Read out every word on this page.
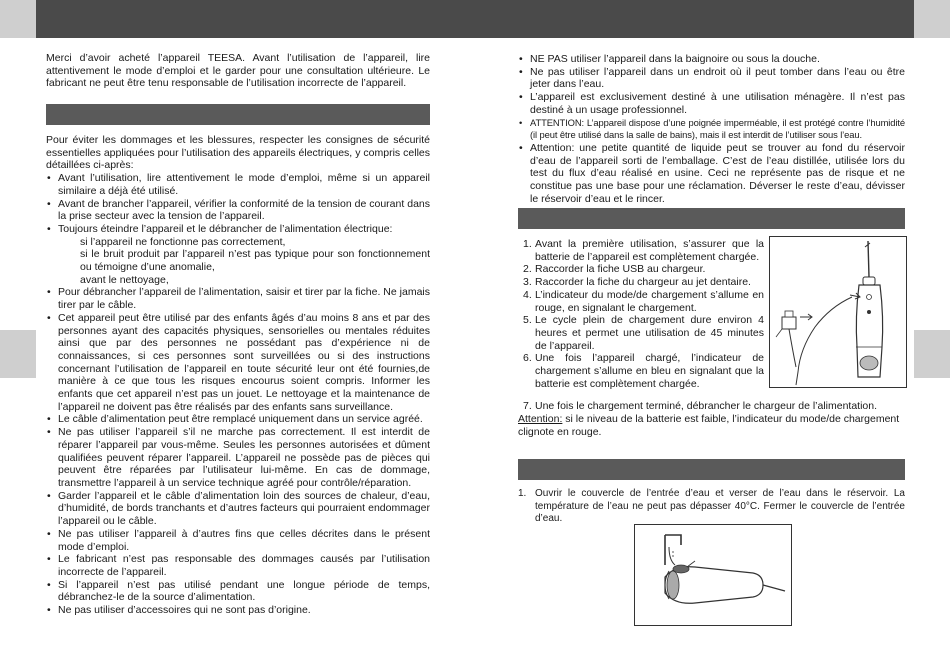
Merci d’avoir acheté l’appareil TEESA. Avant l’utilisation de l’appareil, lire attentivement le mode d’emploi et le garder pour une consultation ultérieure. Le fabricant ne peut être tenu responsable de l’utilisation incorrecte de l’appareil.

Pour éviter les dommages et les blessures, respecter les consignes de sécurité essentielles appliquées pour l’utilisation des appareils électriques, y compris celles détaillées ci-après:

• Avant l’utilisation, lire attentivement le mode d’emploi, même si un appareil similaire a déjà été utilisé.
• Avant de brancher l’appareil, vérifier la conformité de la tension de courant dans la prise secteur avec la tension de l’appareil.
• Toujours éteindre l’appareil et le débrancher de l’alimentation électrique:
si l’appareil ne fonctionne pas correctement,
si le bruit produit par l’appareil n’est pas typique pour son fonctionnement ou témoigne d’une anomalie,
avant le nettoyage,
• Pour débrancher l’appareil de l’alimentation, saisir et tirer par la fiche. Ne jamais tirer par le câble.
• Cet appareil peut être utilisé par des enfants âgés d’au moins 8 ans et par des personnes ayant des capacités physiques, sensorielles ou mentales réduites ainsi que par des personnes ne possédant pas d’expérience ni de connaissances, si ces personnes sont surveillées ou si des instructions concernant l’utilisation de l’appareil en toute sécurité leur ont été fournies,de manière à ce que tous les risques encourus soient compris. Informer les enfants que cet appareil n’est pas un jouet. Le nettoyage et la maintenance de l’appareil ne doivent pas être réalisés par des enfants sans surveillance.
• Le câble d’alimentation peut être remplacé uniquement dans un service agréé.
• Ne pas utiliser l’appareil s’il ne marche pas correctement. Il est interdit de réparer l’appareil par vous-même. Seules les personnes autorisées et dûment qualifiées peuvent réparer l’appareil. L’appareil ne possède pas de pièces qui peuvent être réparées par l’utilisateur lui-même. En cas de dommage, transmettre l’appareil à un service technique agréé pour contrôle/réparation.
• Garder l’appareil et le câble d’alimentation loin des sources de chaleur, d’eau, d’humidité, de bords tranchants et d’autres facteurs qui pourraient endommager l’appareil ou le câble.
• Ne pas utiliser l’appareil à d’autres fins que celles décrites dans le présent mode d’emploi.
• Le fabricant n’est pas responsable des dommages causés par l’utilisation incorrecte de l’appareil.
• Si l’appareil n’est pas utilisé pendant une longue période de temps, débranchez-le de la source d’alimentation.
• Ne pas utiliser d’accessoires qui ne sont pas d’origine.
• NE PAS utiliser l’appareil dans la baignoire ou sous la douche.
• Ne pas utiliser l’appareil dans un endroit où il peut tomber dans l’eau ou être jeter dans l’eau.
• L’appareil est exclusivement destiné à une utilisation ménagère. Il n’est pas destiné à un usage professionnel.
• ATTENTION: L’appareil dispose d’une poignée imperméable, il est protégé contre l’humidité (il peut être utilisé dans la salle de bains), mais il est interdit de l’utiliser sous l’eau.
• Attention: une petite quantité de liquide peut se trouver au fond du réservoir d’eau de l’appareil sorti de l’emballage. C’est de l’eau distillée, utilisée lors du test du flux d’eau réalisé en usine. Ceci ne représente pas de risque et ne constitue pas une base pour une réclamation. Déverser le reste d’eau, dévisser le réservoir d’eau et le rincer.
1. Avant la première utilisation, s’assurer que la batterie de l’appareil est complètement chargée.
2. Raccorder la fiche USB au chargeur.
3. Raccorder la fiche du chargeur au jet dentaire.
4. L’indicateur du mode/de chargement s’allume en rouge, en signalant le chargement.
5. Le cycle plein de chargement dure environ 4 heures et permet une utilisation de 45 minutes de l’appareil.
6. Une fois l’appareil chargé, l’indicateur de chargement s’allume en bleu en signalant que la batterie est complètement chargée.
7. Une fois le chargement terminé, débrancher le chargeur de l’alimentation.

Attention: si le niveau de la batterie est faible, l’indicateur du mode/de chargement clignote en rouge.

1. Ouvrir le couvercle de l’entrée d’eau et verser de l’eau dans le réservoir. La température de l’eau ne peut pas dépasser 40°C. Fermer le couvercle de l’entrée d’eau.
